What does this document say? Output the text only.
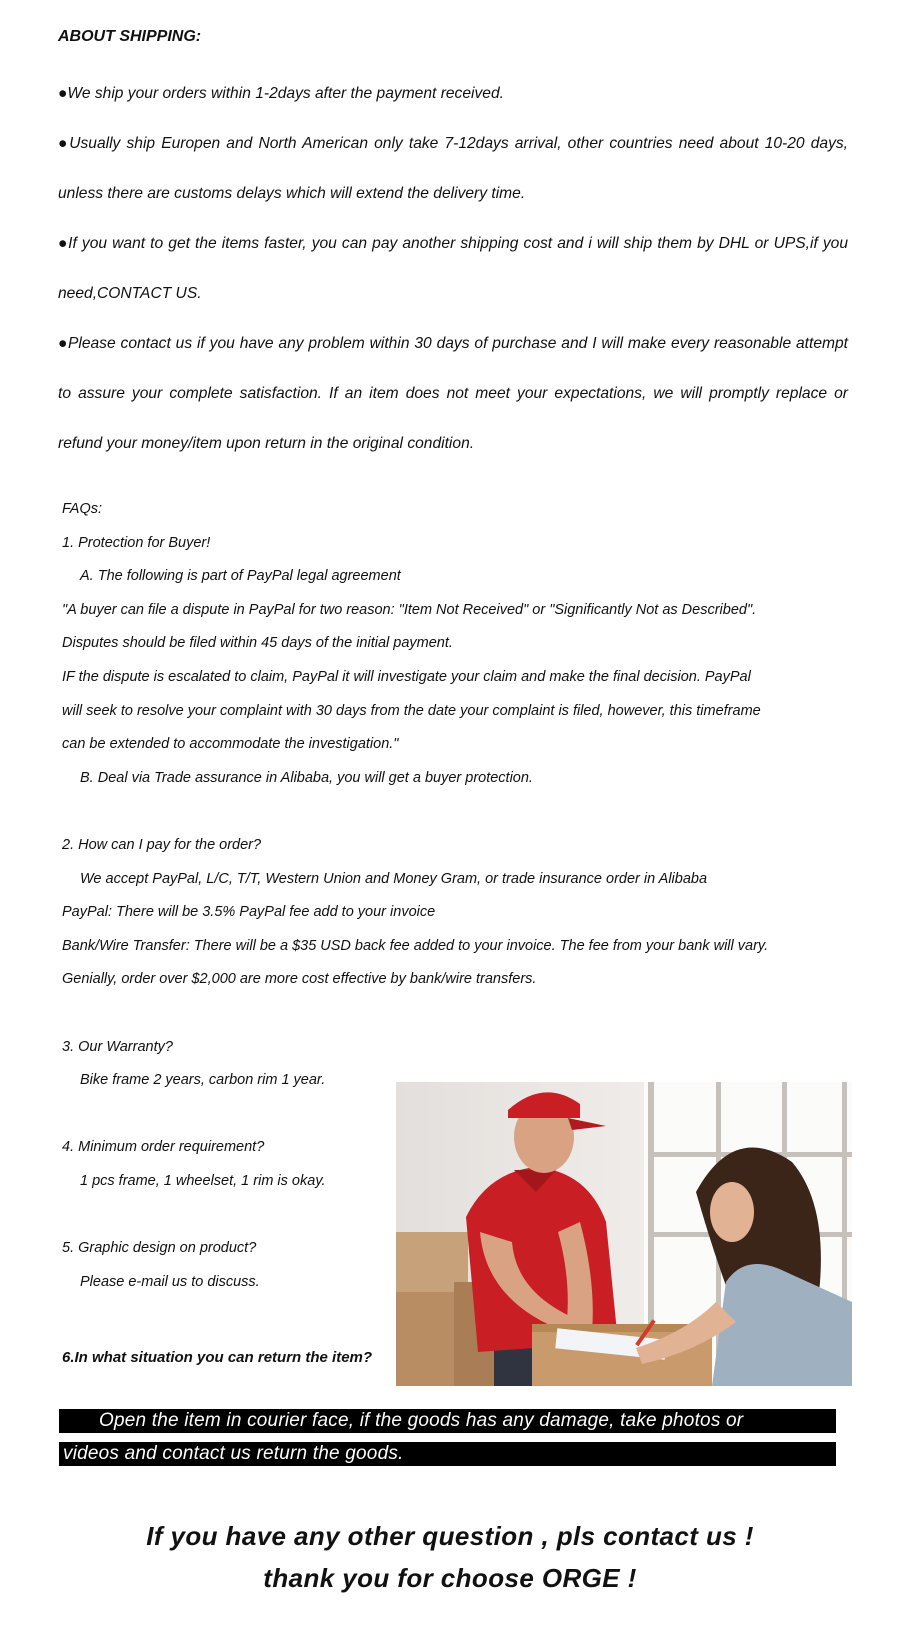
ABOUT SHIPPING:

●We ship your orders within 1-2days after the payment received.

●Usually ship Europen and North American only take 7-12days arrival, other countries need about 10-20 days, unless there are customs delays which will extend the delivery time.

●If you want to get the items faster, you can pay another shipping cost and i will ship them by DHL or UPS,if you need,CONTACT US.

●Please contact us if you have any problem within 30 days of purchase and I will make every reasonable attempt to assure your complete satisfaction. If an item does not meet your expectations, we will promptly replace or refund your money/item upon return in the original condition.

FAQs:
1. Protection for Buyer!
A. The following is part of PayPal legal agreement
"A buyer can file a dispute in PayPal for two reason: "Item Not Received" or "Significantly Not as Described".
Disputes should be filed within 45 days of the initial payment.
IF the dispute is escalated to claim, PayPal it will investigate your claim and make the final decision. PayPal
will seek to resolve your complaint with 30 days from the date your complaint is filed, however, this timeframe
can be extended to accommodate the investigation."
B. Deal via Trade assurance in Alibaba, you will get a buyer protection.
2. How can I pay for the order?
We accept PayPal, L/C, T/T, Western Union and Money Gram, or trade insurance order in Alibaba
PayPal: There will be 3.5% PayPal fee add to your invoice
Bank/Wire Transfer: There will be a $35 USD back fee added to your invoice. The fee from your bank will vary.
Genially, order over $2,000 are more cost effective by bank/wire transfers.
3. Our Warranty?
Bike frame 2 years, carbon rim 1 year.
4. Minimum order requirement?
1 pcs frame, 1 wheelset, 1 rim is okay.
5. Graphic design on product?
Please e-mail us to discuss.
6.In what situation you can return the item?
Open the item in courier face, if the goods has any damage, take photos or
videos and contact us return the goods.
If you have any other question , pls contact us !
thank you for choose ORGE !
